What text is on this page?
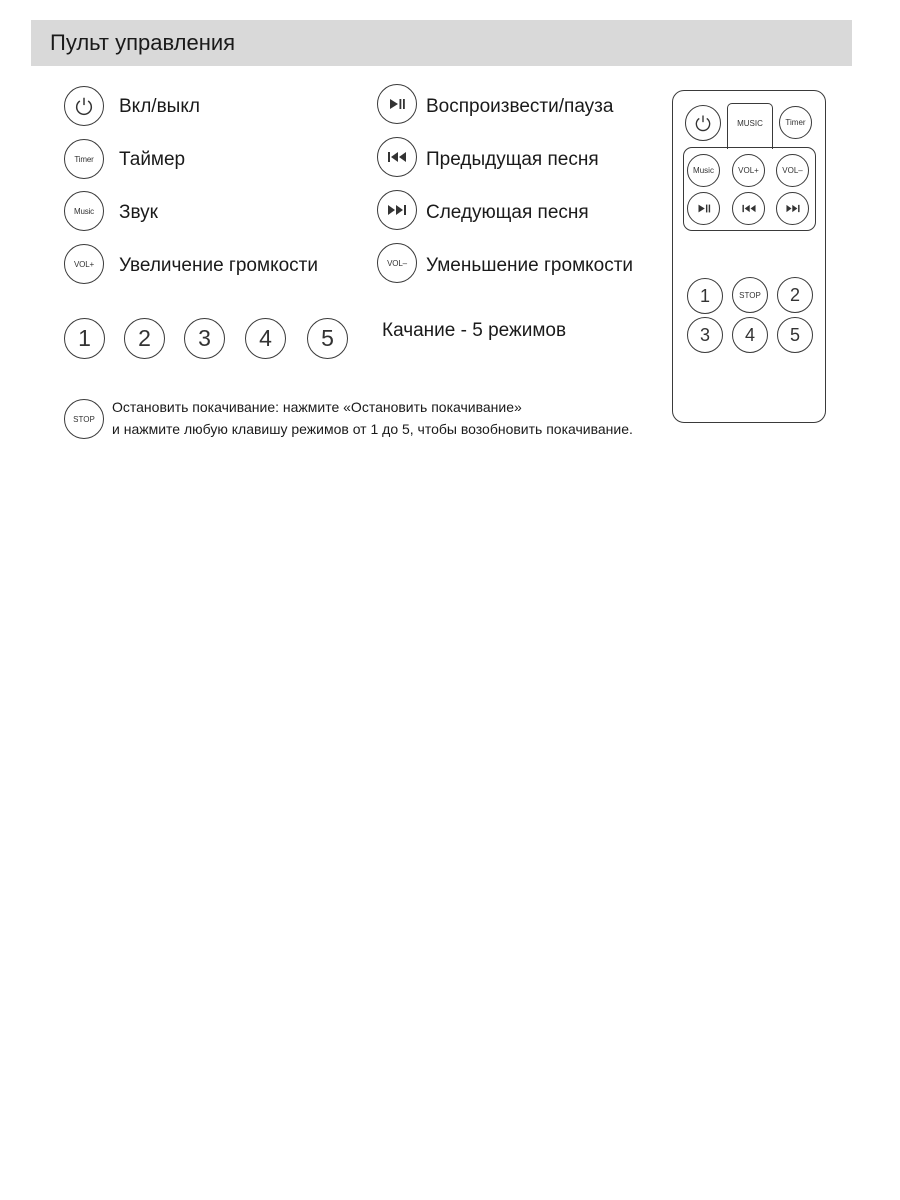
Пульт управления
Вкл/выкл
Timer Таймер
Music Звук
VOL+ Увеличение громкости
Воспроизвести/пауза
Предыдущая песня
Следующая песня
VOL– Уменьшение громкости
1	2	3	4	5	Качание - 5 режимов
STOP
Остановить покачивание: нажмите «Остановить покачивание»
и нажмите любую клавишу режимов от 1 до 5, чтобы возобновить покачивание.
MUSIC	Timer
Music	VOL+	VOL–
1	STOP	2
3	4	5
